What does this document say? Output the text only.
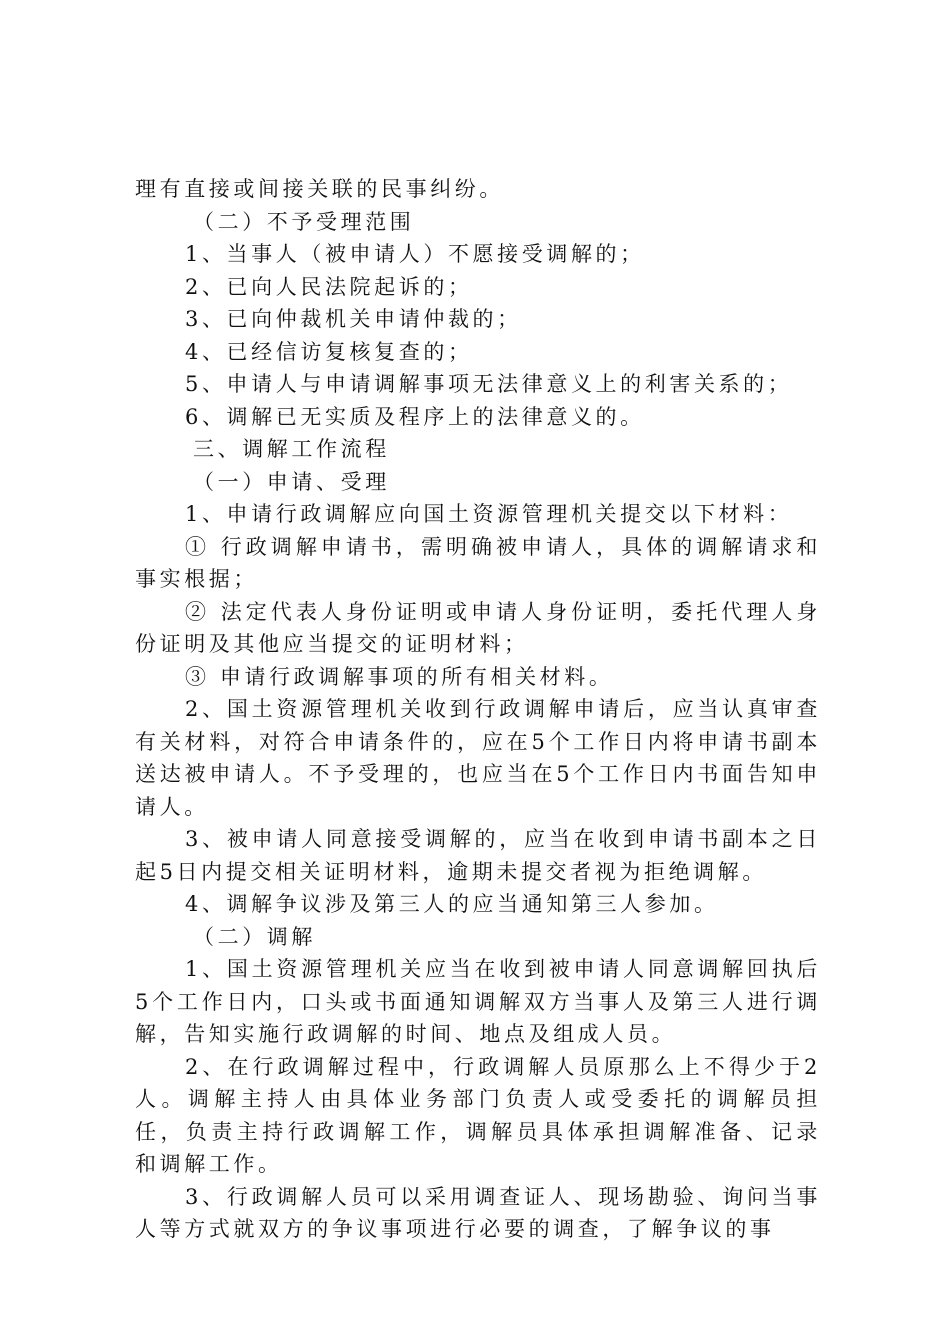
理有直接或间接关联的民事纠纷。

（二）不予受理范围

1、当事人（被申请人）不愿接受调解的；

2、已向人民法院起诉的；

3、已向仲裁机关申请仲裁的；

4、已经信访复核复查的；

5、申请人与申请调解事项无法律意义上的利害关系的；

6、调解已无实质及程序上的法律意义的。

三、调解工作流程

（一）申请、受理

1、申请行政调解应向国土资源管理机关提交以下材料：

① 行政调解申请书，需明确被申请人，具体的调解请求和事实根据；

② 法定代表人身份证明或申请人身份证明，委托代理人身份证明及其他应当提交的证明材料；

③ 申请行政调解事项的所有相关材料。

2、国土资源管理机关收到行政调解申请后，应当认真审查有关材料，对符合申请条件的，应在5个工作日内将申请书副本送达被申请人。不予受理的，也应当在5个工作日内书面告知申请人。

3、被申请人同意接受调解的，应当在收到申请书副本之日起5日内提交相关证明材料，逾期未提交者视为拒绝调解。

4、调解争议涉及第三人的应当通知第三人参加。

（二）调解

1、国土资源管理机关应当在收到被申请人同意调解回执后5个工作日内，口头或书面通知调解双方当事人及第三人进行调解，告知实施行政调解的时间、地点及组成人员。

2、在行政调解过程中，行政调解人员原那么上不得少于2人。调解主持人由具体业务部门负责人或受委托的调解员担任，负责主持行政调解工作，调解员具体承担调解准备、记录和调解工作。

3、行政调解人员可以采用调查证人、现场勘验、询问当事人等方式就双方的争议事项进行必要的调查，了解争议的事
